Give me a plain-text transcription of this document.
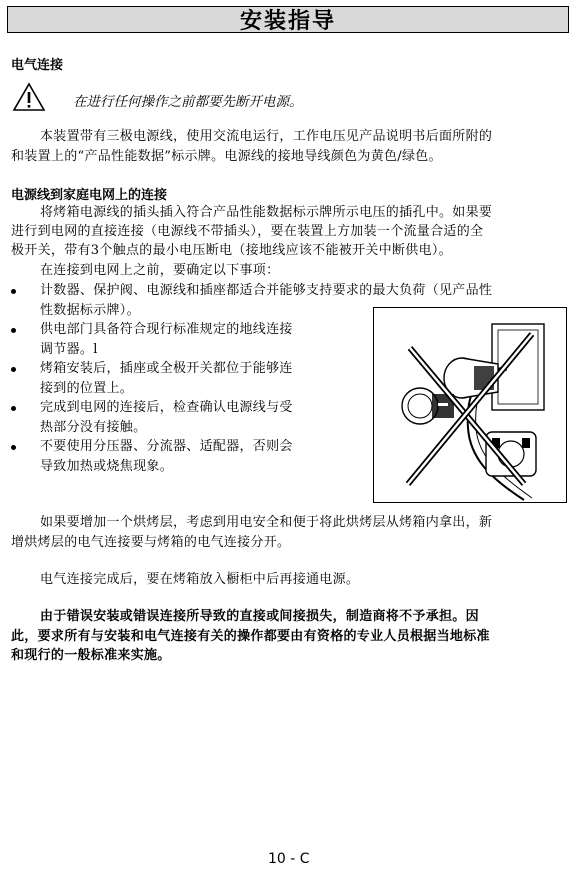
安装指导
电气连接
在进行任何操作之前都要先断开电源。
本装置带有三极电源线，使用交流电运行，工作电压见产品说明书后面所附的
和装置上的“产品性能数据”标示牌。电源线的接地导线颜色为黄色/绿色。
电源线到家庭电网上的连接
将烤箱电源线的插头插入符合产品性能数据标示牌所示电压的插孔中。如果要
进行到电网的直接连接（电源线不带插头），要在装置上方加装一个流量合适的全
极开关，带有3个触点的最小电压断电（接地线应该不能被开关中断供电）。
在连接到电网上之前，要确定以下事项：
计数器、保护阀、电源线和插座都适合并能够支持要求的最大负荷（见产品性
性数据标示牌）。
供电部门具备符合现行标准规定的地线连接
调节器。l
烤箱安装后，插座或全极开关都位于能够连
接到的位置上。
完成到电网的连接后，检查确认电源线与受
热部分没有接触。
不要使用分压器、分流器、适配器，否则会
导致加热或烧焦现象。
如果要增加一个烘烤层，考虑到用电安全和便于将此烘烤层从烤箱内拿出，新
增烘烤层的电气连接要与烤箱的电气连接分开。
电气连接完成后，要在烤箱放入橱柜中后再接通电源。
由于错误安装或错误连接所导致的直接或间接损失，制造商将不予承担。因
此，要求所有与安装和电气连接有关的操作都要由有资格的专业人员根据当地标准
和现行的一般标准来实施。
10 - C
